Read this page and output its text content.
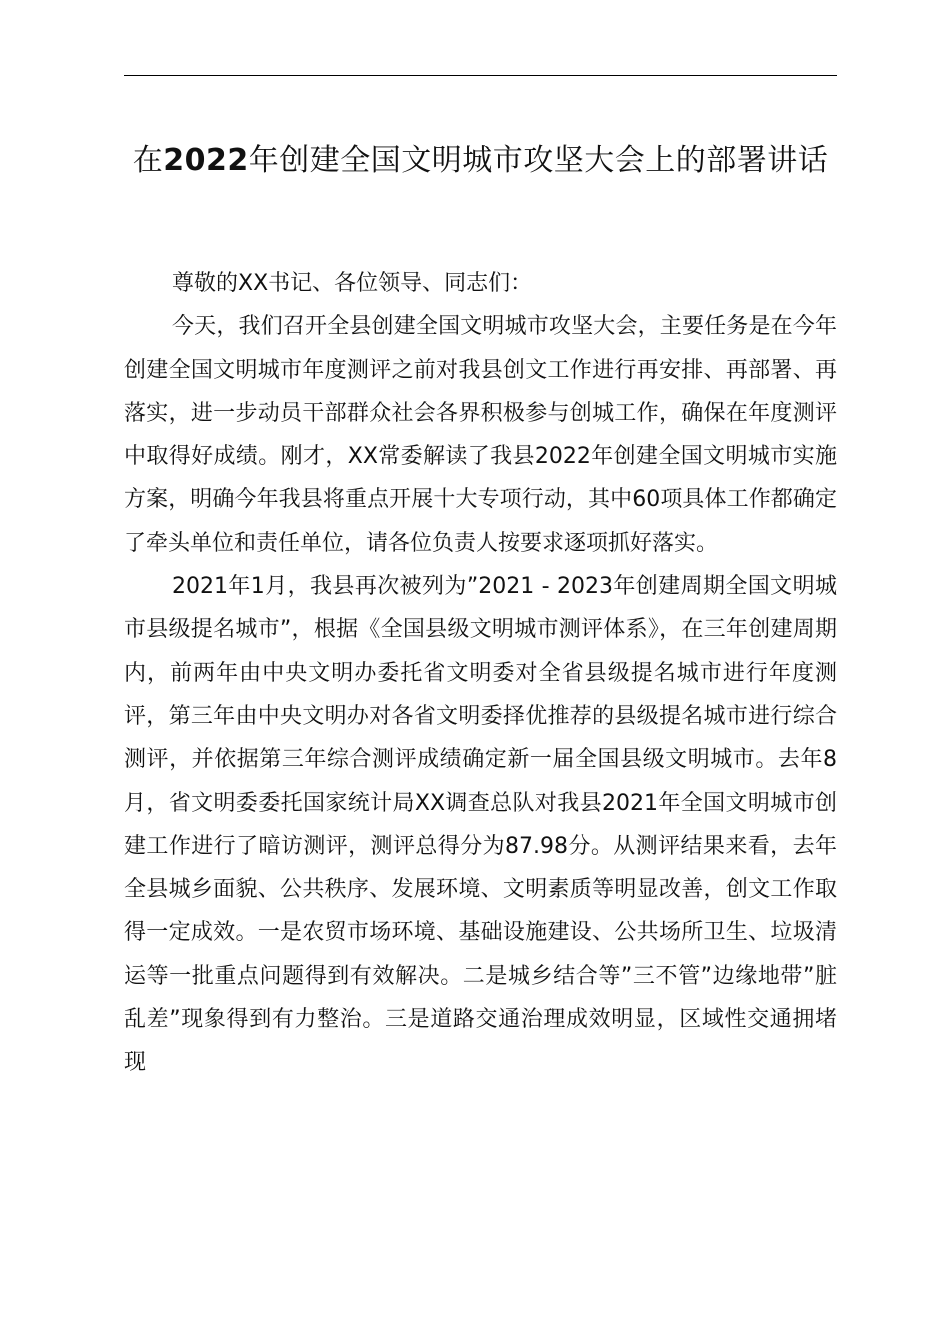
在2022年创建全国文明城市攻坚大会上的部署讲话

尊敬的XX书记、各位领导、同志们：

今天，我们召开全县创建全国文明城市攻坚大会，主要任务是在今年创建全国文明城市年度测评之前对我县创文工作进行再安排、再部署、再落实，进一步动员干部群众社会各界积极参与创城工作，确保在年度测评中取得好成绩。刚才，XX常委解读了我县2022年创建全国文明城市实施方案，明确今年我县将重点开展十大专项行动，其中60项具体工作都确定了牵头单位和责任单位，请各位负责人按要求逐项抓好落实。

2021年1月，我县再次被列为”2021 - 2023年创建周期全国文明城市县级提名城市”，根据《全国县级文明城市测评体系》，在三年创建周期内，前两年由中央文明办委托省文明委对全省县级提名城市进行年度测评，第三年由中央文明办对各省文明委择优推荐的县级提名城市进行综合测评，并依据第三年综合测评成绩确定新一届全国县级文明城市。去年8月，省文明委委托国家统计局XX调查总队对我县2021年全国文明城市创建工作进行了暗访测评，测评总得分为87.98分。从测评结果来看，去年全县城乡面貌、公共秩序、发展环境、文明素质等明显改善，创文工作取得一定成效。一是农贸市场环境、基础设施建设、公共场所卫生、垃圾清运等一批重点问题得到有效解决。二是城乡结合等”三不管”边缘地带”脏乱差”现象得到有力整治。三是道路交通治理成效明显，区域性交通拥堵现
